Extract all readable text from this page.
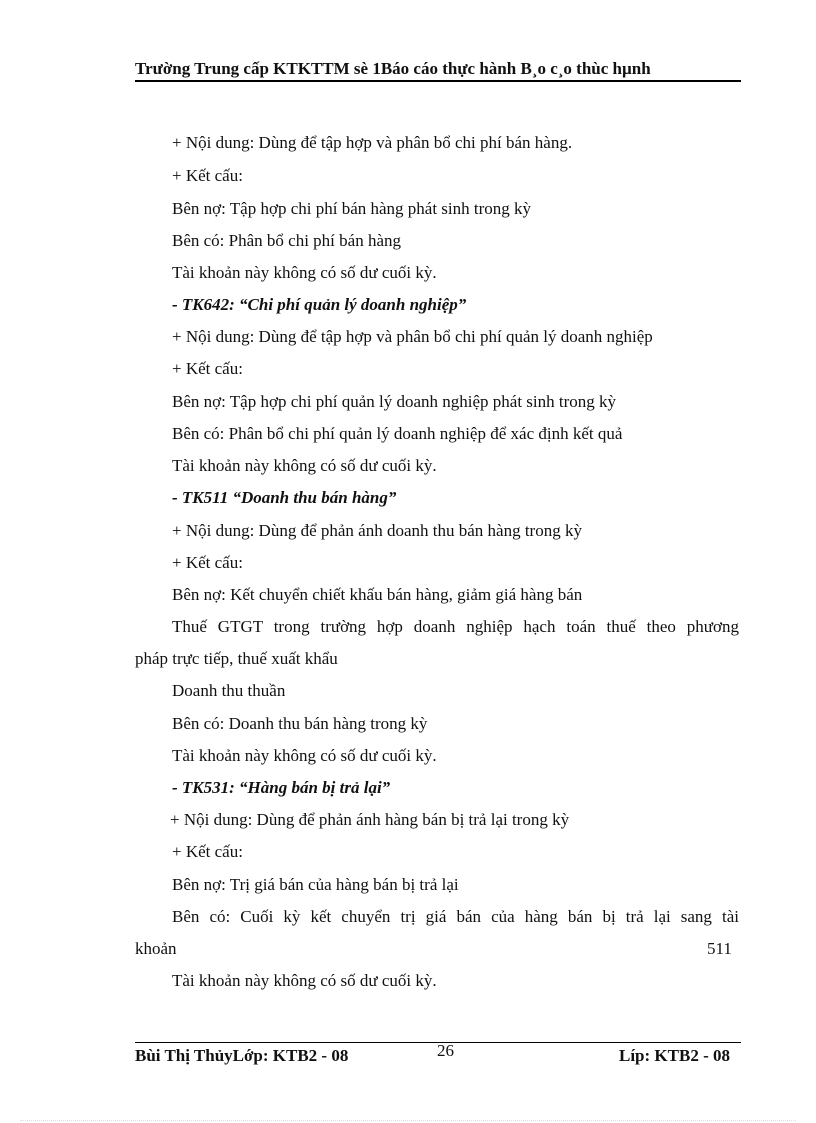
Trường Trung cấp KTKTTM sè 1Báo cáo thực hành B¸o c¸o thùc hµnh
+ Nội dung: Dùng để tập hợp và phân bổ chi phí bán hàng.
+ Kết cấu:
Bên nợ: Tập hợp chi phí bán hàng phát sinh trong kỳ
Bên có: Phân bổ chi phí bán hàng
Tài khoản này không có số dư cuối kỳ.
- TK642: “Chi phí quản lý doanh nghiệp”
+ Nội dung: Dùng để tập hợp và phân bổ chi phí quản lý doanh nghiệp
+ Kết cấu:
Bên nợ: Tập hợp chi phí quản lý doanh nghiệp phát sinh trong kỳ
Bên có: Phân bổ chi phí quản lý doanh nghiệp để xác định kết quả
Tài khoản này không có số dư cuối kỳ.
- TK511 “Doanh thu bán hàng”
+ Nội dung: Dùng để phản ánh doanh thu bán hàng trong kỳ
+ Kết cấu:
Bên nợ: Kết chuyển chiết khấu bán hàng, giảm giá hàng bán
Thuế GTGT trong trường hợp doanh nghiệp hạch toán thuế theo phương
pháp trực tiếp, thuế xuất khẩu
Doanh thu thuần
Bên có: Doanh thu bán hàng trong kỳ
Tài khoản này không có số dư cuối kỳ.
- TK531: “Hàng bán bị trả lại”
+ Nội dung: Dùng để phản ánh hàng bán bị trả lại trong kỳ
+ Kết cấu:
Bên nợ: Trị giá bán của hàng bán bị trả lại
Bên có: Cuối kỳ kết chuyển trị giá bán của hàng bán bị trả lại sang tài
khoản	511
Tài khoản này không có số dư cuối kỳ.
Bùi Thị ThủyLớp: KTB2 - 08	26	Líp: KTB2 - 08
